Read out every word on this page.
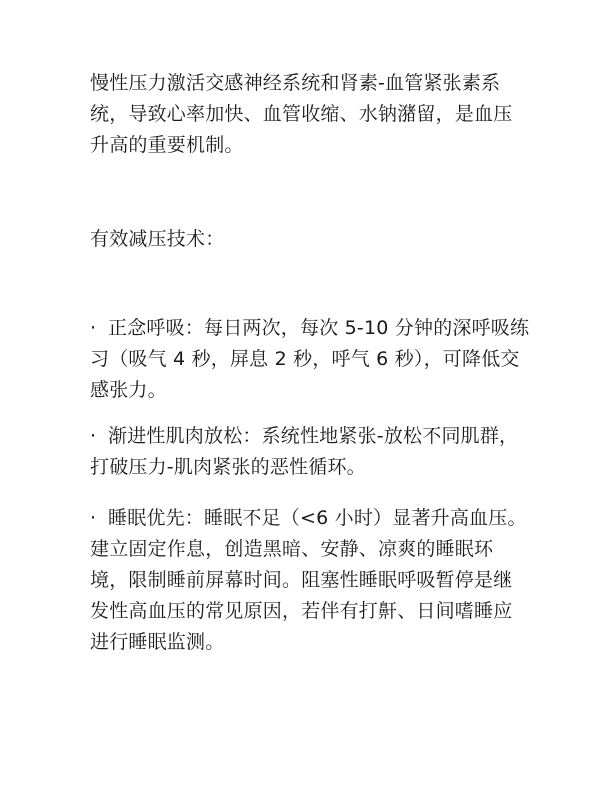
慢性压力激活交感神经系统和肾素-血管紧张素系统，导致心率加快、血管收缩、水钠潴留，是血压升高的重要机制。

有效减压技术：

· 正念呼吸：每日两次，每次 5-10 分钟的深呼吸练习（吸气 4 秒，屏息 2 秒，呼气 6 秒），可降低交感张力。

· 渐进性肌肉放松：系统性地紧张-放松不同肌群，打破压力-肌肉紧张的恶性循环。

· 睡眠优先：睡眠不足（<6 小时）显著升高血压。建立固定作息，创造黑暗、安静、凉爽的睡眠环境，限制睡前屏幕时间。阻塞性睡眠呼吸暂停是继发性高血压的常见原因，若伴有打鼾、日间嗜睡应进行睡眠监测。
